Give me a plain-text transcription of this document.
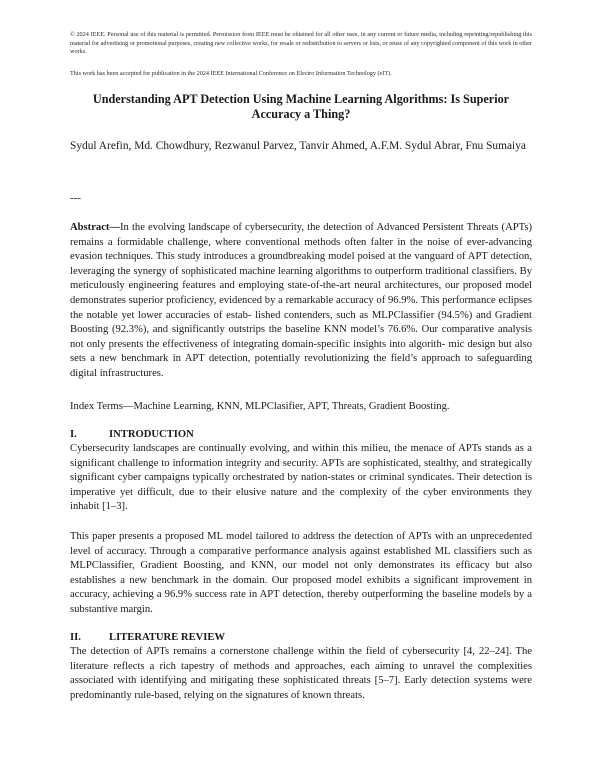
© 2024 IEEE. Personal use of this material is permitted. Permission from IEEE must be obtained for all other uses, in any current or future media, including reprinting/republishing this material for advertising or promotional purposes, creating new collective works, for resale or redistribution to servers or lists, or reuse of any copyrighted component of this work in other works.
This work has been accepted for publication in the 2024 IEEE International Conference on Electro Information Technology (eIT).
Understanding APT Detection Using Machine Learning Algorithms: Is Superior Accuracy a Thing?
Sydul Arefin, Md. Chowdhury, Rezwanul Parvez, Tanvir Ahmed, A.F.M. Sydul Abrar, Fnu Sumaiya
---

Abstract—In the evolving landscape of cybersecurity, the detection of Advanced Persistent Threats (APTs) remains a formidable challenge, where conventional methods often falter in the noise of ever-advancing evasion techniques. This study introduces a groundbreaking model poised at the vanguard of APT detection, leveraging the synergy of sophisticated machine learning algorithms to outperform traditional classifiers. By meticulously engineering features and employing state-of-the-art neural architectures, our proposed model demonstrates superior proficiency, evidenced by a remarkable accuracy of 96.9%. This performance eclipses the notable yet lower accuracies of estab- lished contenders, such as MLPClassifier (94.5%) and Gradient Boosting (92.3%), and significantly outstrips the baseline KNN model’s 76.6%. Our comparative analysis not only presents the effectiveness of integrating domain-specific insights into algorith- mic design but also sets a new benchmark in APT detection, potentially revolutionizing the field’s approach to safeguarding digital infrastructures.

Index Terms—Machine Learning, KNN, MLPClasifier, APT, Threats, Gradient Boosting.

I.	INTRODUCTION

Cybersecurity landscapes are continually evolving, and within this milieu, the menace of APTs stands as a significant challenge to information integrity and security. APTs are sophisticated, stealthy, and strategically significant cyber campaigns typically orchestrated by nation-states or criminal syndicates. Their detection is imperative yet difficult, due to their elusive nature and the complexity of the cyber environments they inhabit [1–3].

This paper presents a proposed ML model tailored to address the detection of APTs with an unprecedented level of accuracy. Through a comparative performance analysis against established ML classifiers such as MLPClassifier, Gradient Boosting, and KNN, our model not only demonstrates its efficacy but also establishes a new benchmark in the domain. Our proposed model exhibits a significant improvement in accuracy, achieving a 96.9% success rate in APT detection, thereby outperforming the baseline models by a substantive margin.

II.	LITERATURE REVIEW

The detection of APTs remains a cornerstone challenge within the field of cybersecurity [4, 22–24]. The literature reflects a rich tapestry of methods and approaches, each aiming to unravel the complexities associated with identifying and mitigating these sophisticated threats [5–7]. Early detection systems were predominantly rule-based, relying on the signatures of known threats.
